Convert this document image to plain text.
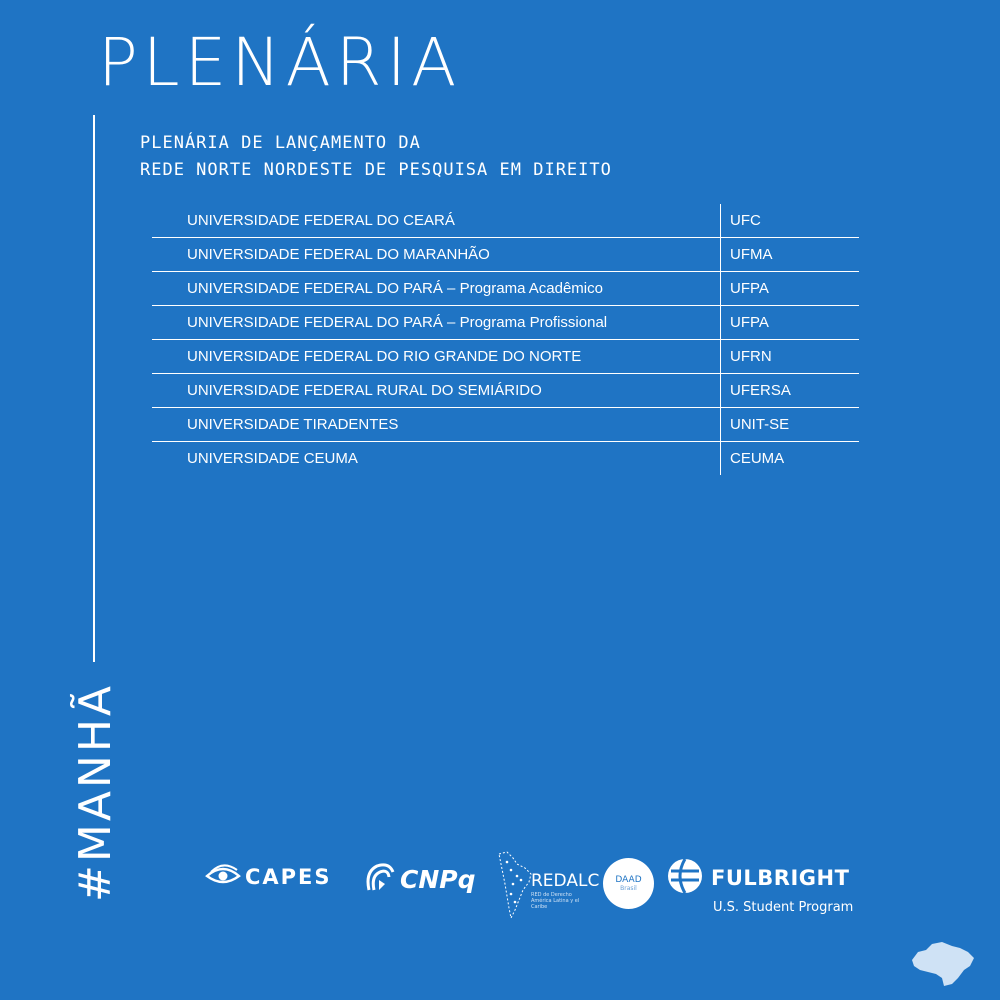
PLENÁRIA
#MANHÃ
PLENÁRIA DE LANÇAMENTO DA
REDE NORTE NORDESTE DE PESQUISA EM DIREITO
UNIVERSIDADE FEDERAL DO CEARÁ	UFC
UNIVERSIDADE FEDERAL DO MARANHÃO	UFMA
UNIVERSIDADE FEDERAL DO PARÁ – Programa Acadêmico	UFPA
UNIVERSIDADE FEDERAL DO PARÁ – Programa Profissional	UFPA
UNIVERSIDADE FEDERAL DO RIO GRANDE DO NORTE	UFRN
UNIVERSIDADE FEDERAL RURAL DO SEMIÁRIDO	UFERSA
UNIVERSIDADE TIRADENTES	UNIT-SE
UNIVERSIDADE CEUMA	CEUMA
CAPES	CNPq	REDALC
RED de Derecho América Latina y el Caribe
DAAD
Brasil	FULBRIGHT
U.S. Student Program
